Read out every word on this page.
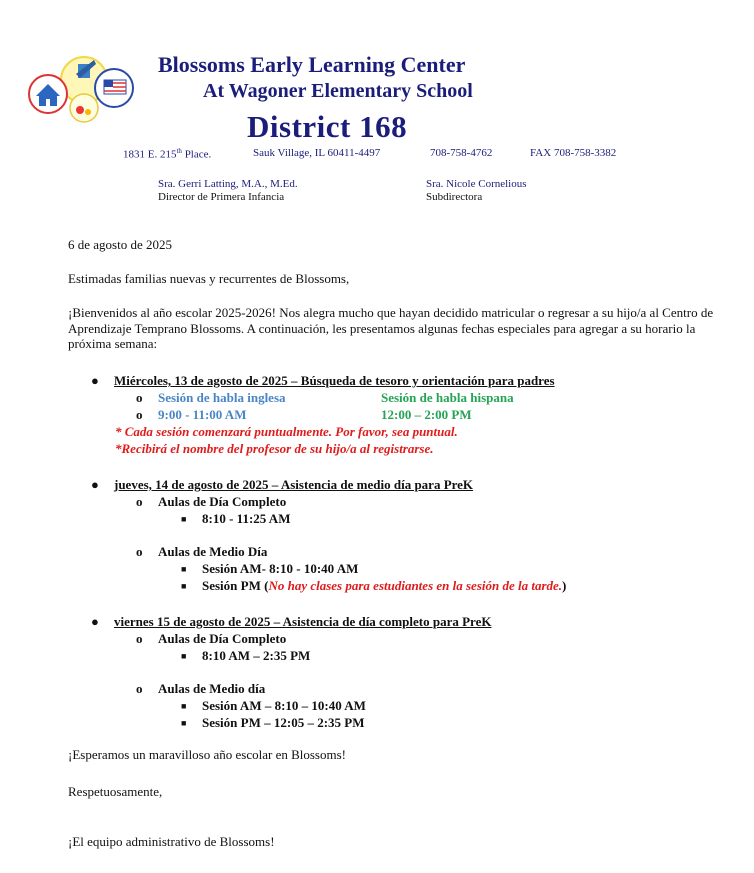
Blossoms Early Learning Center
At Wagoner Elementary School
District 168
1831 E. 215th Place.	Sauk Village, IL 60411-4497	708-758-4762	FAX 708-758-3382
Sra. Gerri Latting, M.A., M.Ed.
Director de Primera Infancia
Sra. Nicole Cornelious
Subdirectora
6 de agosto de 2025
Estimadas familias nuevas y recurrentes de Blossoms,
¡Bienvenidos al año escolar 2025-2026! Nos alegra mucho que hayan decidido matricular o regresar a su hijo/a al Centro de Aprendizaje Temprano Blossoms. A continuación, les presentamos algunas fechas especiales para agregar a su horario la próxima semana:
● Miércoles, 13 de agosto de 2025 – Búsqueda de tesoro y orientación para padres
o Sesión de habla inglesa	Sesión de habla hispana
o 9:00 - 11:00 AM	12:00 – 2:00 PM
* Cada sesión comenzará puntualmente. Por favor, sea puntual.
*Recibirá el nombre del profesor de su hijo/a al registrarse.
● jueves, 14 de agosto de 2025 – Asistencia de medio día para PreK
o Aulas de Día Completo
■ 8:10 - 11:25 AM
o Aulas de Medio Día
■ Sesión AM- 8:10 - 10:40 AM
■ Sesión PM (No hay clases para estudiantes en la sesión de la tarde.)
● viernes 15 de agosto de 2025 – Asistencia de día completo para PreK
o Aulas de Día Completo
■ 8:10 AM – 2:35 PM
o Aulas de Medio día
■ Sesión AM – 8:10 – 10:40 AM
■ Sesión PM – 12:05 – 2:35 PM
¡Esperamos un maravilloso año escolar en Blossoms!
Respetuosamente,
¡El equipo administrativo de Blossoms!
